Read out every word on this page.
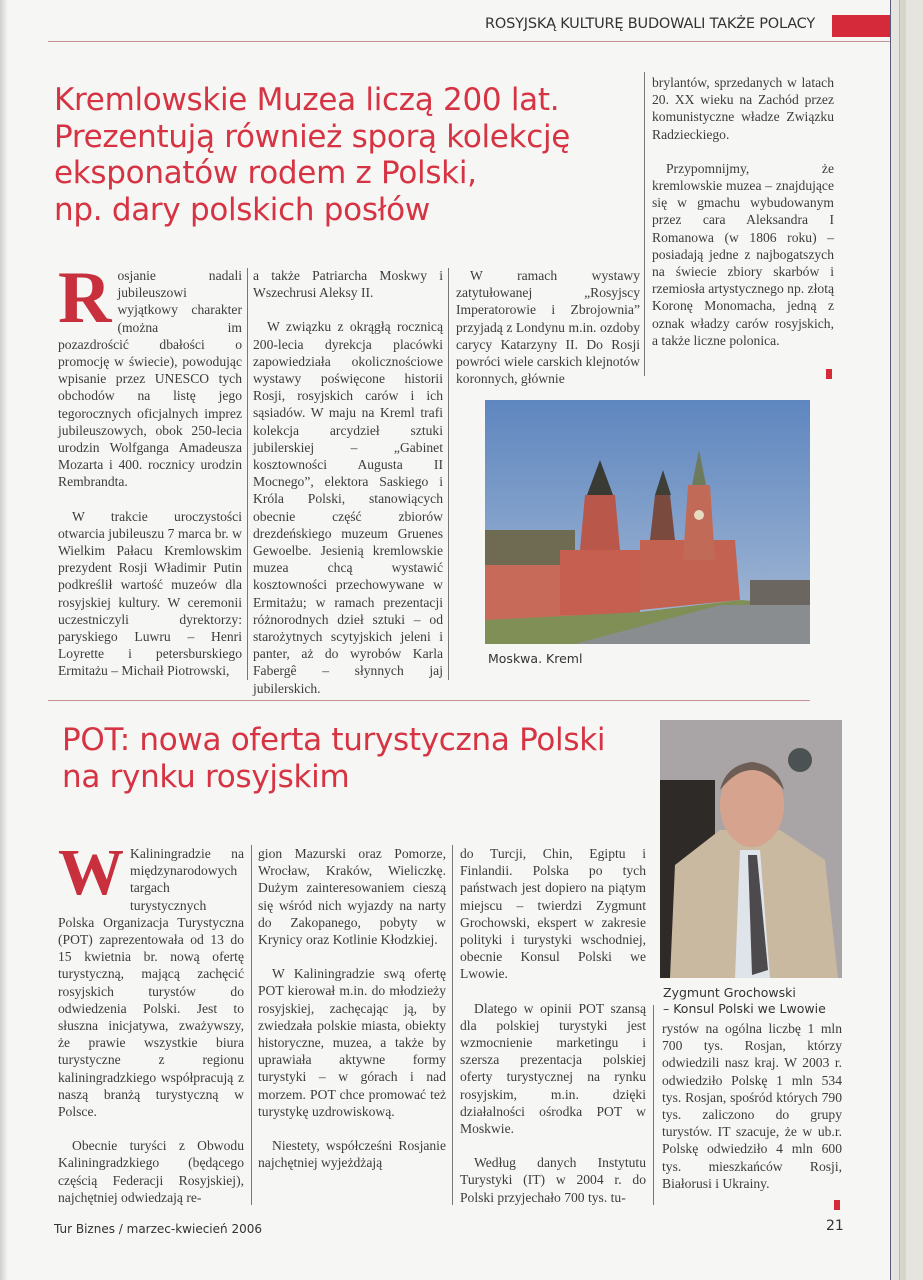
ROSYJSKĄ KULTURĘ BUDOWALI TAKŻE POLACY
Kremlowskie Muzea liczą 200 lat.
Prezentują również sporą kolekcję
eksponatów rodem z Polski,
np. dary polskich posłów

Rosjanie nadali jubileuszowi wyjątkowy charakter (można im pozazdrościć dbałości o promocję w świecie), powodując wpisanie przez UNESCO tych obchodów na listę jego tegorocznych oficjalnych imprez jubileuszowych, obok 250-lecia urodzin Wolfganga Amadeusza Mozarta i 400. rocznicy urodzin Rembrandta.

W trakcie uroczystości otwarcia jubileuszu 7 marca br. w Wielkim Pałacu Kremlowskim prezydent Rosji Władimir Putin podkreślił wartość muzeów dla rosyjskiej kultury. W ceremonii uczestniczyli dyrektorzy: paryskiego Luwru – Henri Loyrette i petersburskiego Ermitażu – Michaił Piotrowski,

a także Patriarcha Moskwy i Wszechrusi Aleksy II.

W związku z okrągłą rocznicą 200-lecia dyrekcja placówki zapowiedziała okolicznościowe wystawy poświęcone historii Rosji, rosyjskich carów i ich sąsiadów. W maju na Kreml trafi kolekcja arcydzieł sztuki jubilerskiej – „Gabinet kosztowności Augusta II Mocnego”, elektora Saskiego i Króla Polski, stanowiących obecnie część zbiorów drezdeńskiego muzeum Gruenes Gewoelbe. Jesienią kremlowskie muzea chcą wystawić kosztowności przechowywane w Ermitażu; w ramach prezentacji różnorodnych dzieł sztuki – od starożytnych scytyjskich jeleni i panter, aż do wyrobów Karla Fabergê – słynnych jaj jubilerskich.

W ramach wystawy zatytułowanej „Rosyjscy Imperatorowie i Zbrojownia” przyjadą z Londynu m.in. ozdoby carycy Katarzyny II. Do Rosji powróci wiele carskich klejnotów koronnych, głównie

brylantów, sprzedanych w latach 20. XX wieku na Zachód przez komunistyczne władze Związku Radzieckiego.

Przypomnijmy, że kremlowskie muzea – znajdujące się w gmachu wybudowanym przez cara Aleksandra I Romanowa (w 1806 roku) – posiadają jedne z najbogatszych na świecie zbiory skarbów i rzemiosła artystycznego np. złotą Koronę Monomacha, jedną z oznak władzy carów rosyjskich, a także liczne polonica.

Moskwa. Kreml
POT: nowa oferta turystyczna Polski
na rynku rosyjskim

W Kaliningradzie na międzynarodowych targach turystycznych Polska Organizacja Turystyczna (POT) zaprezentowała od 13 do 15 kwietnia br. nową ofertę turystyczną, mającą zachęcić rosyjskich turystów do odwiedzenia Polski. Jest to słuszna inicjatywa, zważywszy, że prawie wszystkie biura turystyczne z regionu kaliningradzkiego współpracują z naszą branżą turystyczną w Polsce.

Obecnie turyści z Obwodu Kaliningradzkiego (będącego częścią Federacji Rosyjskiej), najchętniej odwiedzają re-

gion Mazurski oraz Pomorze, Wrocław, Kraków, Wieliczkę. Dużym zainteresowaniem cieszą się wśród nich wyjazdy na narty do Zakopanego, pobyty w Krynicy oraz Kotlinie Kłodzkiej.

W Kaliningradzie swą ofertę POT kierował m.in. do młodzieży rosyjskiej, zachęcając ją, by zwiedzała polskie miasta, obiekty historyczne, muzea, a także by uprawiała aktywne formy turystyki – w górach i nad morzem. POT chce promować też turystykę uzdrowiskową.

Niestety, współcześni Rosjanie najchętniej wyjeżdżają

do Turcji, Chin, Egiptu i Finlandii. Polska po tych państwach jest dopiero na piątym miejscu – twierdzi Zygmunt Grochowski, ekspert w zakresie polityki i turystyki wschodniej, obecnie Konsul Polski we Lwowie.

Dlatego w opinii POT szansą dla polskiej turystyki jest wzmocnienie marketingu i szersza prezentacja polskiej oferty turystycznej na rynku rosyjskim, m.in. dzięki działalności ośrodka POT w Moskwie.

Według danych Instytutu Turystyki (IT) w 2004 r. do Polski przyjechało 700 tys. tu-

Zygmunt Grochowski
– Konsul Polski we Lwowie

rystów na ogólna liczbę 1 mln 700 tys. Rosjan, którzy odwiedzili nasz kraj. W 2003 r. odwiedziło Polskę 1 mln 534 tys. Rosjan, spośród których 790 tys. zaliczono do grupy turystów. IT szacuje, że w ub.r. Polskę odwiedziło 4 mln 600 tys. mieszkańców Rosji, Białorusi i Ukrainy.

Tur Biznes / marzec-kwiecień 2006	21
